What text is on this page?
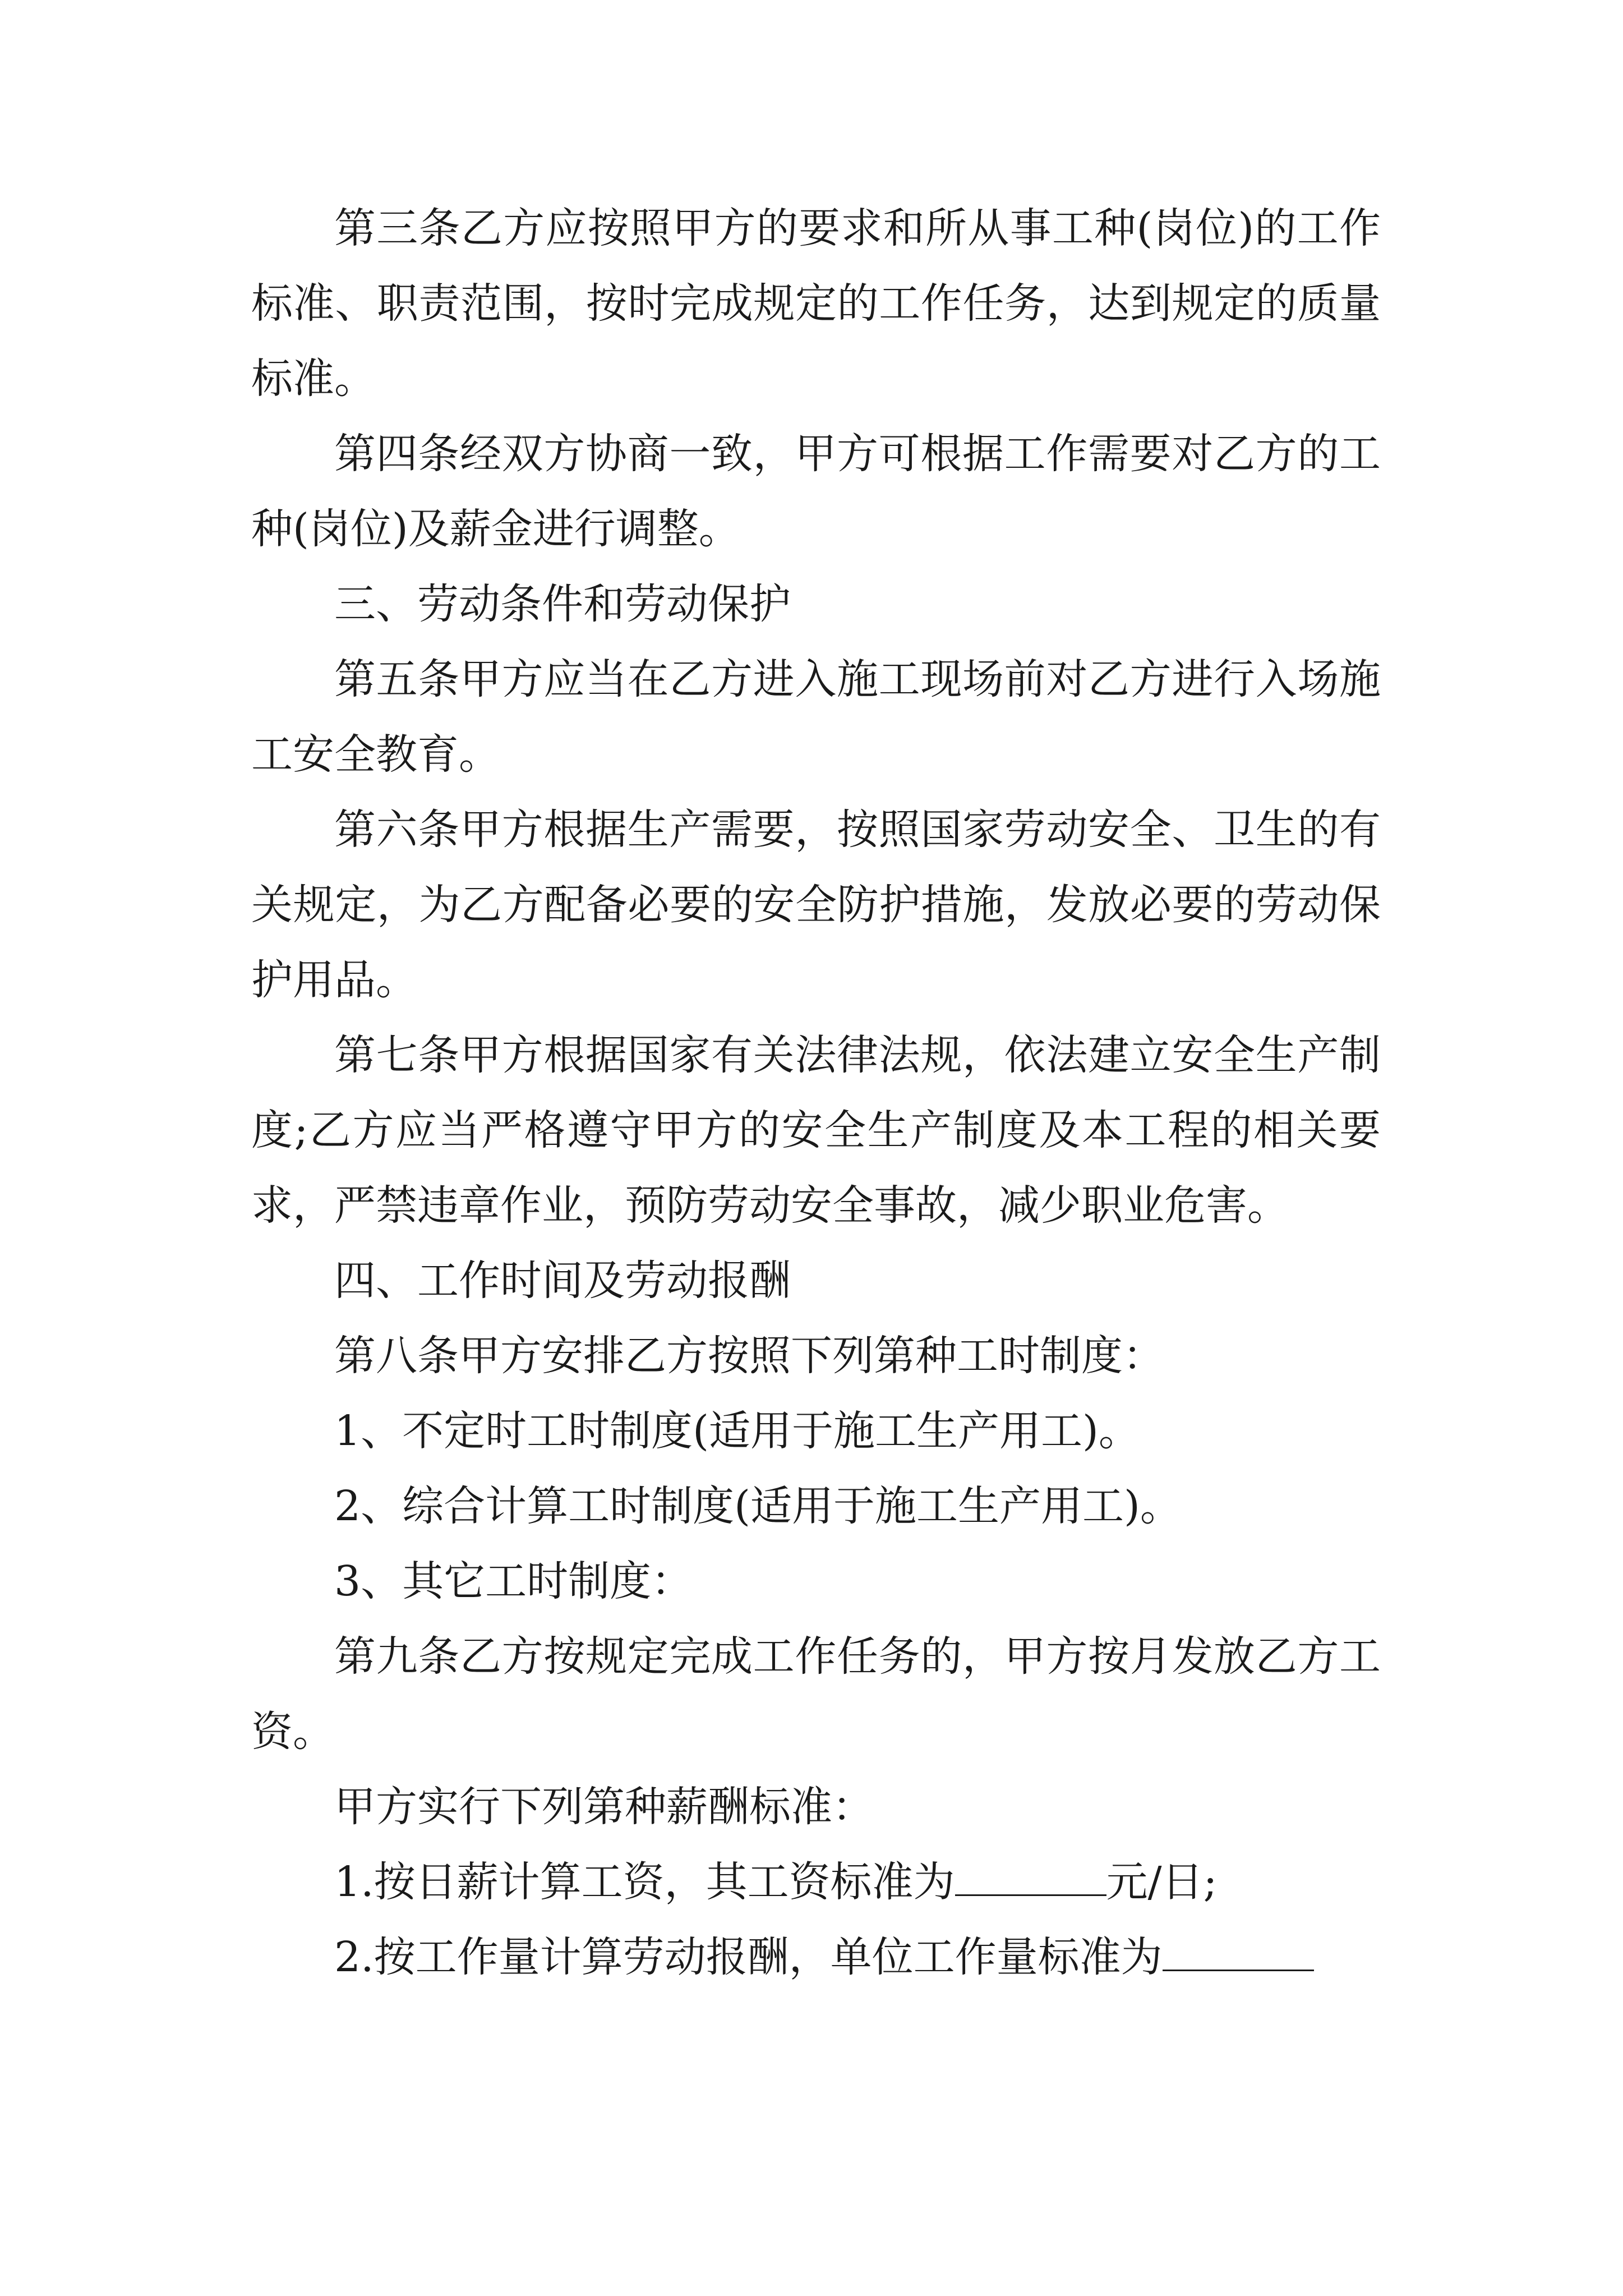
第三条乙方应按照甲方的要求和所从事工种(岗位)的工作标准、职责范围，按时完成规定的工作任务，达到规定的质量标准。

第四条经双方协商一致，甲方可根据工作需要对乙方的工种(岗位)及薪金进行调整。

三、劳动条件和劳动保护

第五条甲方应当在乙方进入施工现场前对乙方进行入场施工安全教育。

第六条甲方根据生产需要，按照国家劳动安全、卫生的有关规定，为乙方配备必要的安全防护措施，发放必要的劳动保护用品。

第七条甲方根据国家有关法律法规，依法建立安全生产制度;乙方应当严格遵守甲方的安全生产制度及本工程的相关要求，严禁违章作业，预防劳动安全事故，减少职业危害。

四、工作时间及劳动报酬

第八条甲方安排乙方按照下列第种工时制度：

1、不定时工时制度(适用于施工生产用工)。

2、综合计算工时制度(适用于施工生产用工)。

3、其它工时制度：

第九条乙方按规定完成工作任务的，甲方按月发放乙方工资。

甲方实行下列第种薪酬标准：

1.按日薪计算工资，其工资标准为	元/日;

2.按工作量计算劳动报酬，单位工作量标准为
